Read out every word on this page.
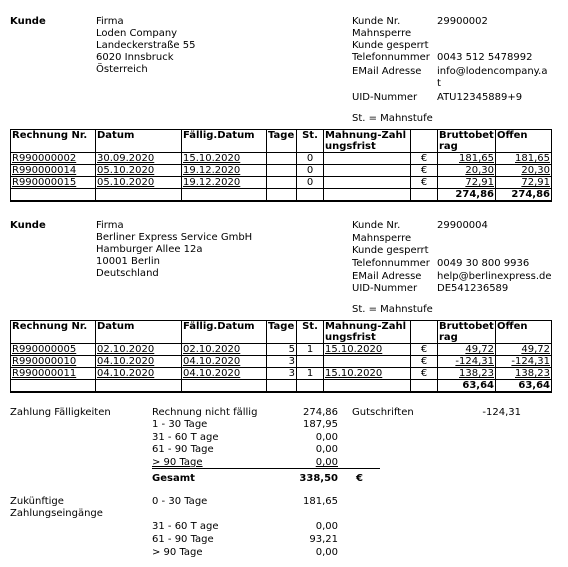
Kunde	Firma
Loden Company
Landeckerstraße 55
6020 Innsbruck
Österreich
Kunde Nr.	29900002
Mahnsperre
Kunde gesperrt
Telefonnummer 0043 512 5478992
EMail Adresse info@lodencompany.at
UID-Nummer ATU12345889+9
St. = Mahnstufe
Rechnung Nr.	Datum	Fällig.Datum	Tage	St.	Mahnung-Zahlungsfrist		Bruttobetrag	Offen
R990000002	30.09.2020	15.10.2020		0		€	181,65	181,65
R990000014	05.10.2020	19.12.2020		0		€	20,30	20,30
R990000015	05.10.2020	19.12.2020		0		€	72,91	72,91
							274,86	274,86
Kunde	Firma
Berliner Express Service GmbH
Hamburger Allee 12a
10001 Berlin
Deutschland
Kunde Nr.	29900004
Mahnsperre
Kunde gesperrt
Telefonnummer 0049 30 800 9936
EMail Adresse help@berlinexpress.de
UID-Nummer DE541236589
St. = Mahnstufe
Rechnung Nr.	Datum	Fällig.Datum	Tage	St.	Mahnung-Zahlungsfrist		Bruttobetrag	Offen
R990000005	02.10.2020	02.10.2020	5	1	15.10.2020	€	49,72	49,72
R990000010	04.10.2020	04.10.2020	3			€	-124,31	-124,31
R990000011	04.10.2020	04.10.2020	3	1	15.10.2020	€	138,23	138,23
							63,64	63,64
Zahlung Fälligkeiten	Rechnung nicht fällig	274,86
1 - 30 Tage	187,95
31 - 60 T age	0,00
61 - 90 Tage	0,00
> 90 Tage	0,00
Gesamt	338,50 €
Gutschriften	-124,31
Zukünftige
Zahlungseingänge
0 - 30 Tage	181,65
31 - 60 T age	0,00
61 - 90 Tage	93,21
> 90 Tage	0,00
